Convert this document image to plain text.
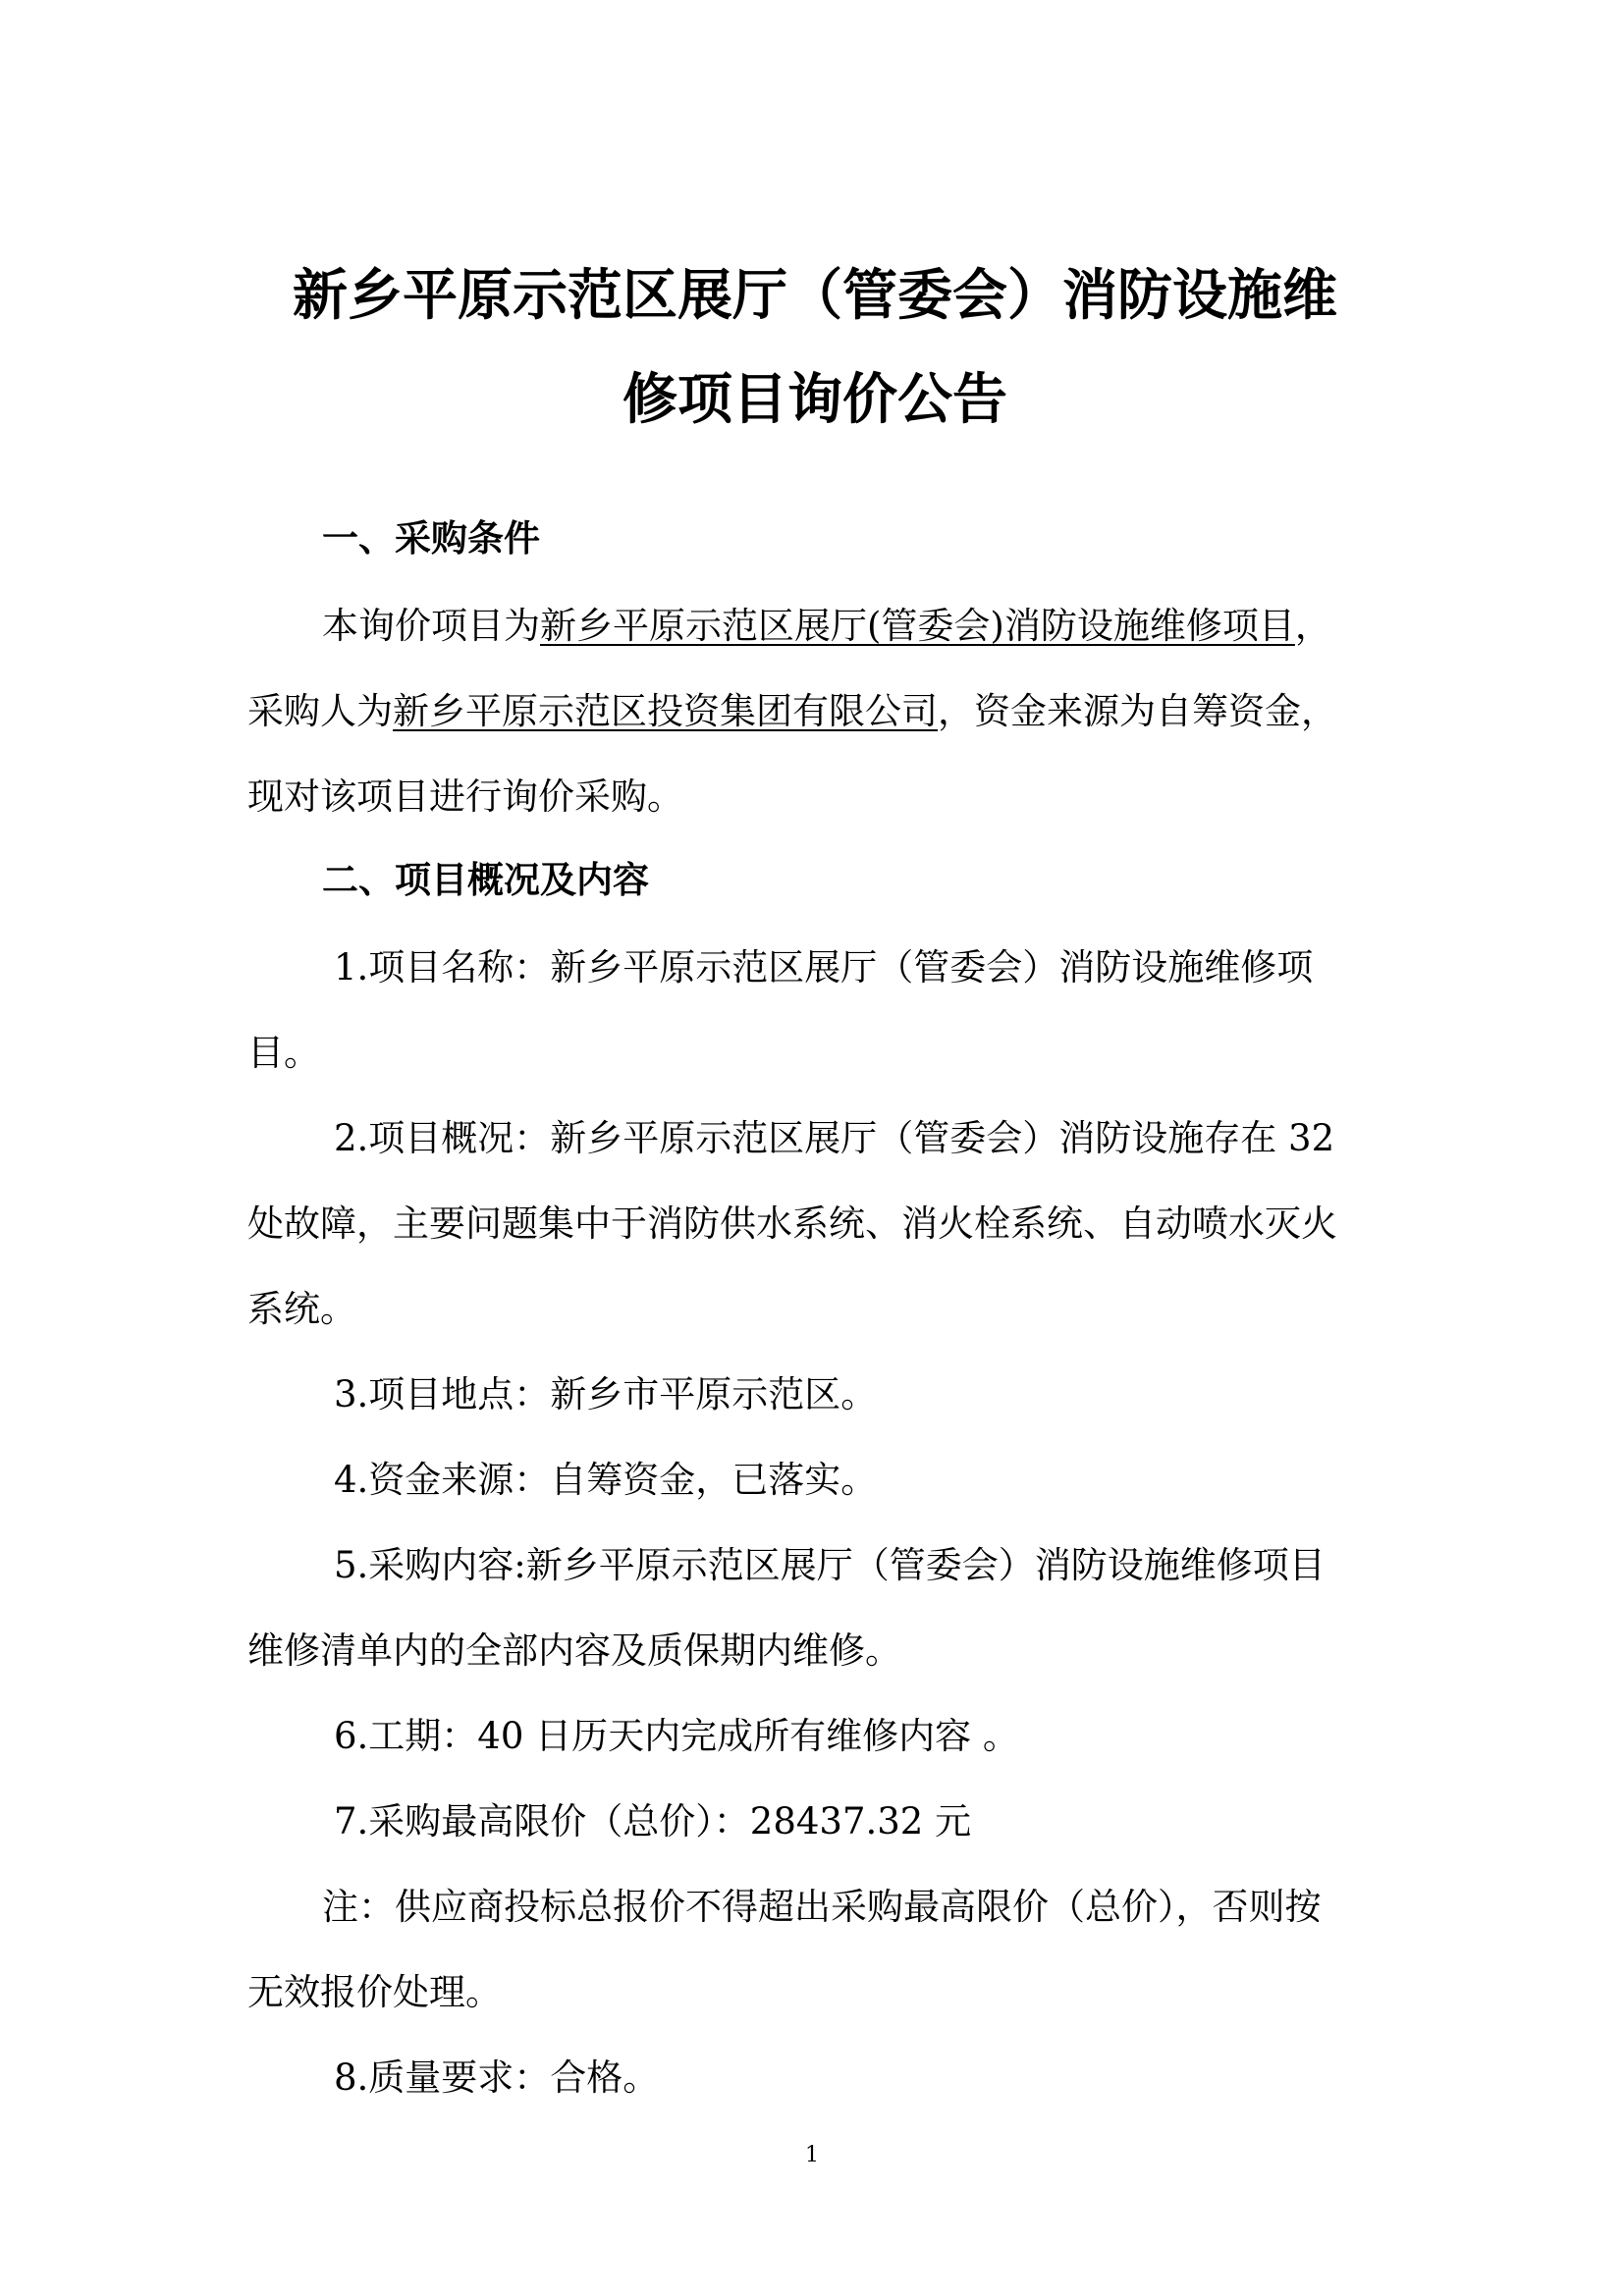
新乡平原示范区展厅（管委会）消防设施维
修项目询价公告
一、采购条件

本询价项目为新乡平原示范区展厅(管委会)消防设施维修项目，

采购人为新乡平原示范区投资集团有限公司，资金来源为自筹资金，

现对该项目进行询价采购。

二、项目概况及内容

1.项目名称：新乡平原示范区展厅（管委会）消防设施维修项

目。

2.项目概况：新乡平原示范区展厅（管委会）消防设施存在 32

处故障，主要问题集中于消防供水系统、消火栓系统、自动喷水灭火

系统。

3.项目地点：新乡市平原示范区。

4.资金来源：自筹资金，已落实。

5.采购内容:新乡平原示范区展厅（管委会）消防设施维修项目

维修清单内的全部内容及质保期内维修。

6.工期：40 日历天内完成所有维修内容 。

7.采购最高限价（总价）：28437.32 元

注：供应商投标总报价不得超出采购最高限价（总价），否则按

无效报价处理。

8.质量要求：合格。

1
